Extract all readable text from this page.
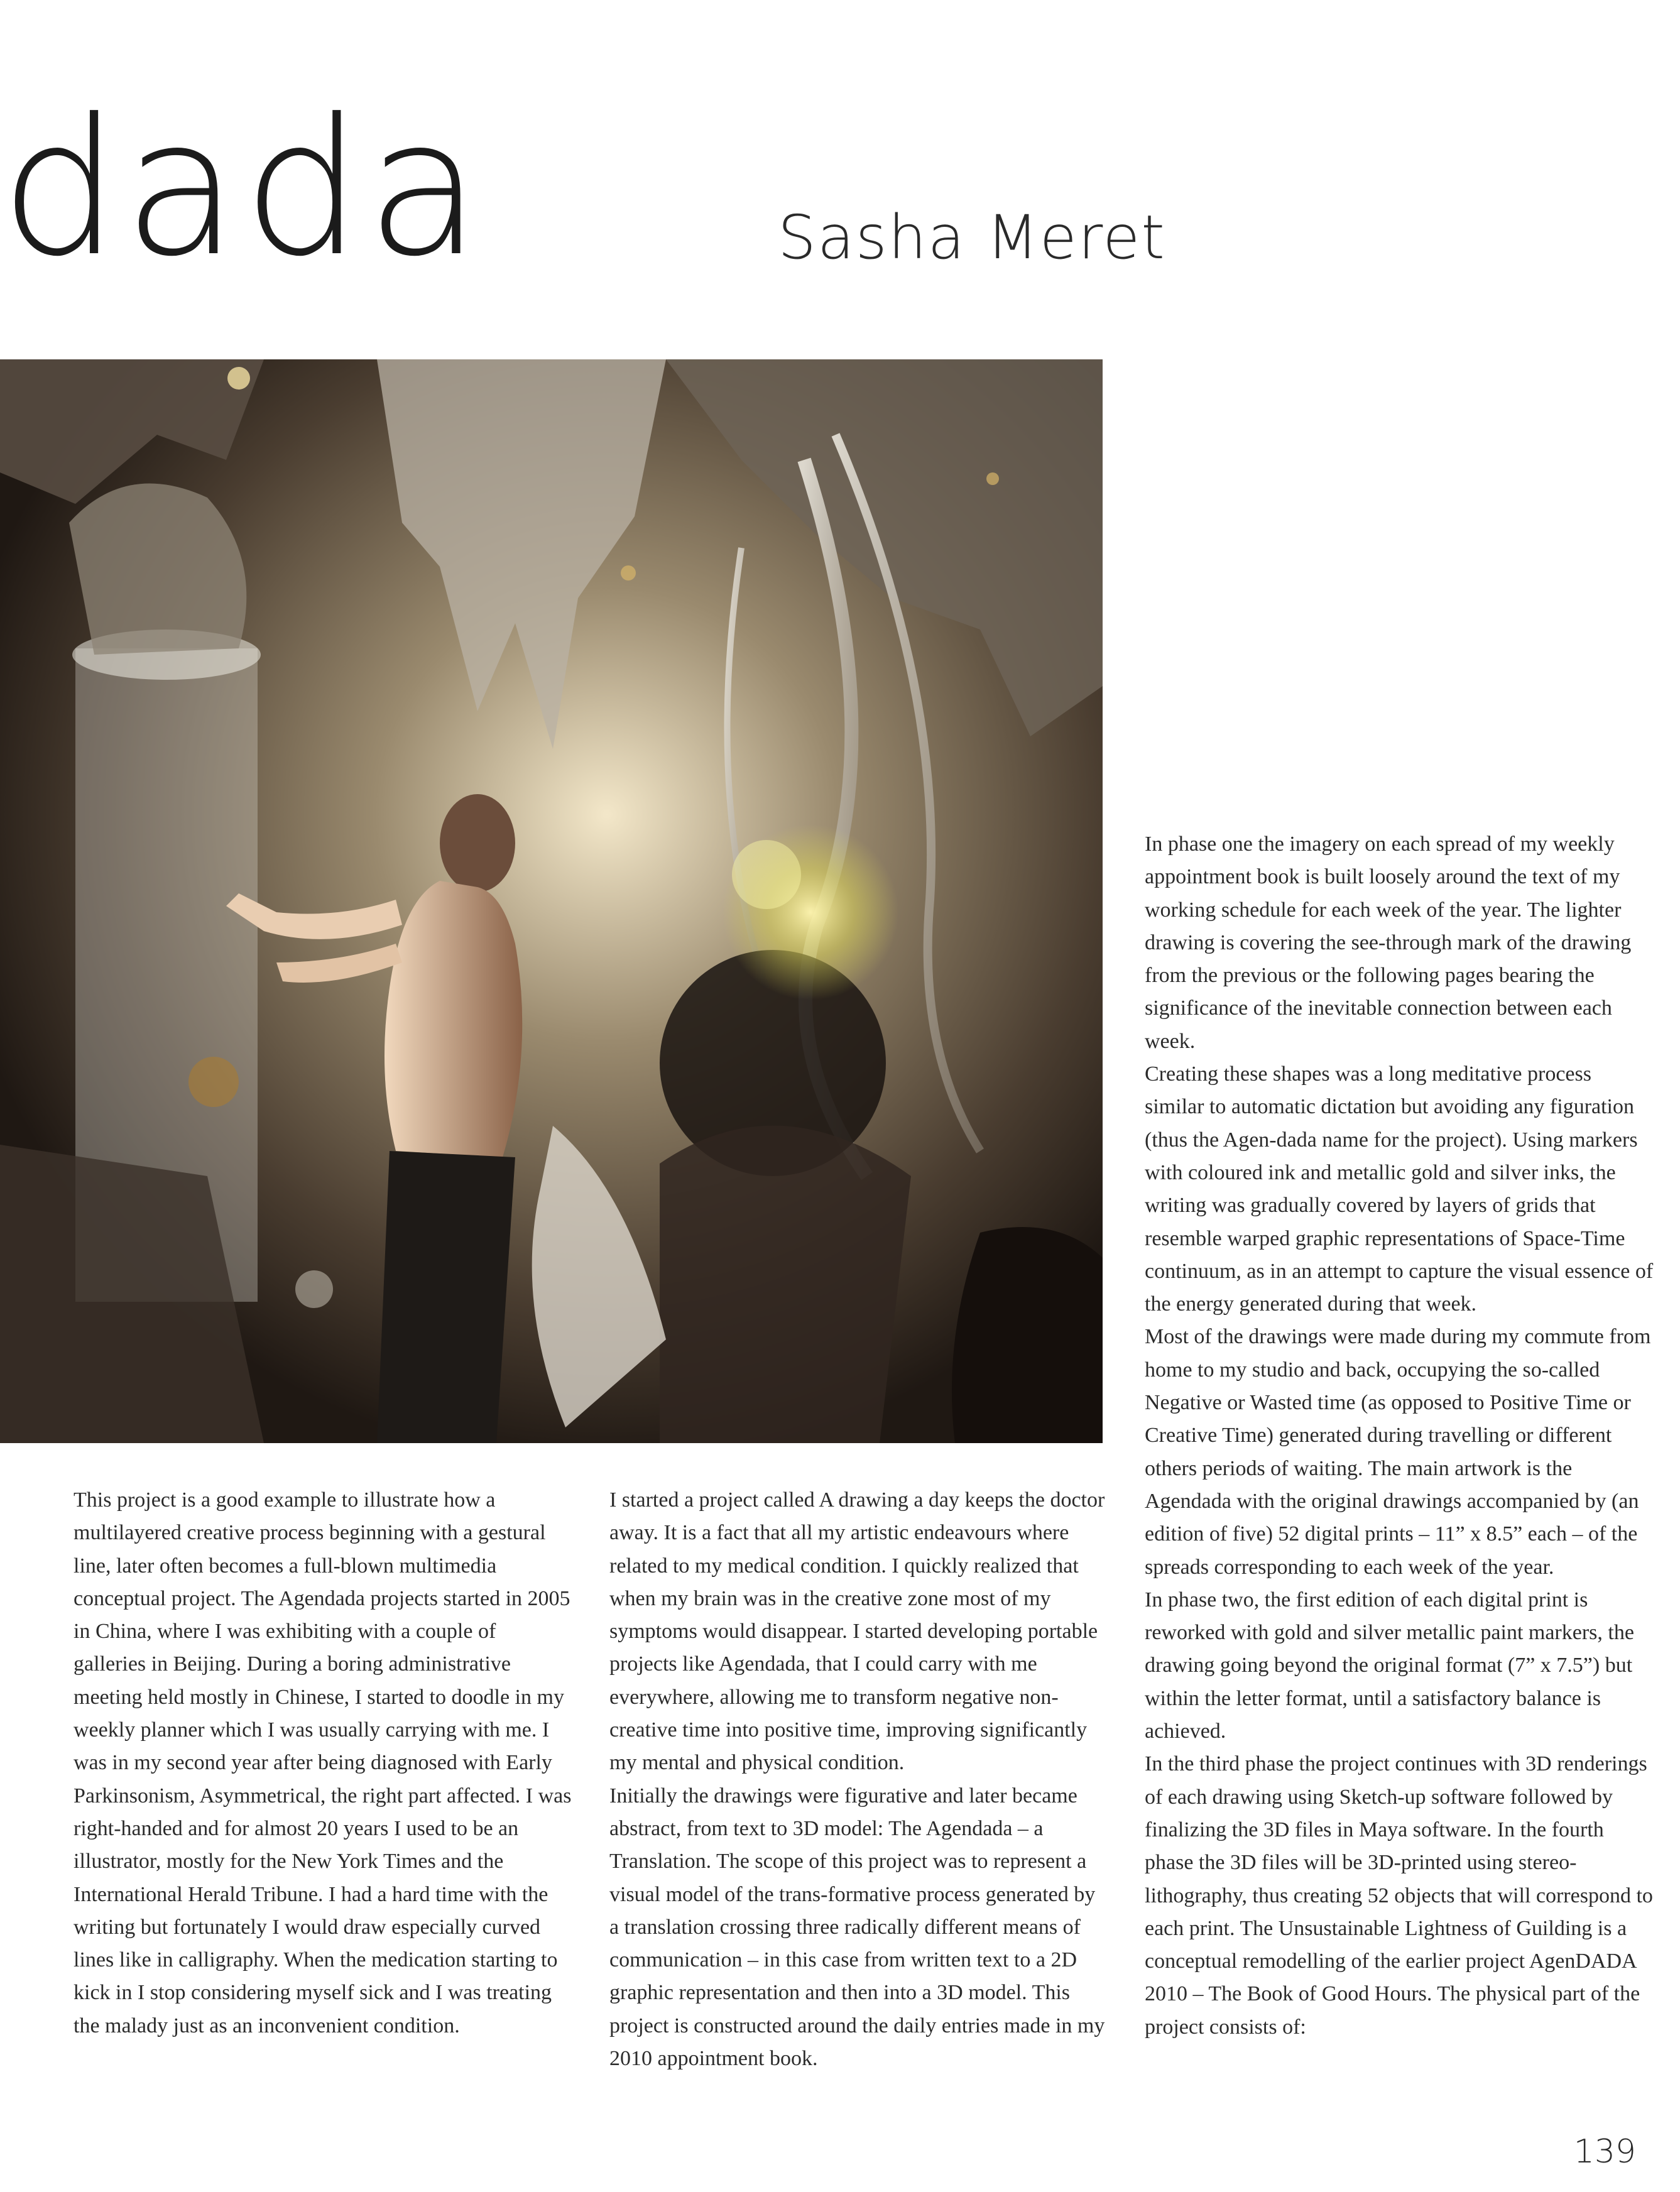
dada	Sasha Meret

This project is a good example to illustrate how a multilayered creative process beginning with a gestural line, later often becomes a full-blown multimedia conceptual project. The Agendada projects started in 2005 in China, where I was exhibiting with a couple of galleries in Beijing. During a boring administrative meeting held mostly in Chinese, I started to doodle in my weekly planner which I was usually carrying with me. I was in my second year after being diagnosed with Early Parkinsonism, Asymmetrical, the right part affected. I was right-handed and for almost 20 years I used to be an illustrator, mostly for the New York Times and the International Herald Tribune. I had a hard time with the writing but fortunately I would draw especially curved lines like in calligraphy. When the medication starting to kick in I stop considering myself sick and I was treating the malady just as an inconvenient condition.

I started a project called A drawing a day keeps the doctor away. It is a fact that all my artistic endeavours where related to my medical condition. I quickly realized that when my brain was in the creative zone most of my symptoms would disappear. I started developing portable projects like Agendada, that I could carry with me everywhere, allowing me to transform negative non-creative time into positive time, improving significantly my mental and physical condition.

Initially the drawings were figurative and later became abstract, from text to 3D model: The Agendada – a Translation. The scope of this project was to represent a visual model of the trans-formative process generated by a translation crossing three radically different means of communication – in this case from written text to a 2D graphic representation and then into a 3D model. This project is constructed around the daily entries made in my 2010 appointment book.

In phase one the imagery on each spread of my weekly appointment book is built loosely around the text of my working schedule for each week of the year. The lighter drawing is covering the see-through mark of the drawing from the previous or the following pages bearing the significance of the inevitable connection between each week.

Creating these shapes was a long meditative process similar to automatic dictation but avoiding any figuration (thus the Agen-dada name for the project). Using markers with coloured ink and metallic gold and silver inks, the writing was gradually covered by layers of grids that resemble warped graphic representations of Space-Time continuum, as in an attempt to capture the visual essence of the energy generated during that week.

Most of the drawings were made during my commute from home to my studio and back, occupying the so-called Negative or Wasted time (as opposed to Positive Time or Creative Time) generated during travelling or different others periods of waiting. The main artwork is the Agendada with the original drawings accompanied by (an edition of five) 52 digital prints – 11” x 8.5” each – of the spreads corresponding to each week of the year.

In phase two, the first edition of each digital print is reworked with gold and silver metallic paint markers, the drawing going beyond the original format (7” x 7.5”) but within the letter format, until a satisfactory balance is achieved.

In the third phase the project continues with 3D renderings of each drawing using Sketch-up software followed by finalizing the 3D files in Maya software. In the fourth phase the 3D files will be 3D-printed using stereo-lithography, thus creating 52 objects that will correspond to each print. The Unsustainable Lightness of Guilding is a conceptual remodelling of the earlier project AgenDADA 2010 – The Book of Good Hours. The physical part of the project consists of:

139
